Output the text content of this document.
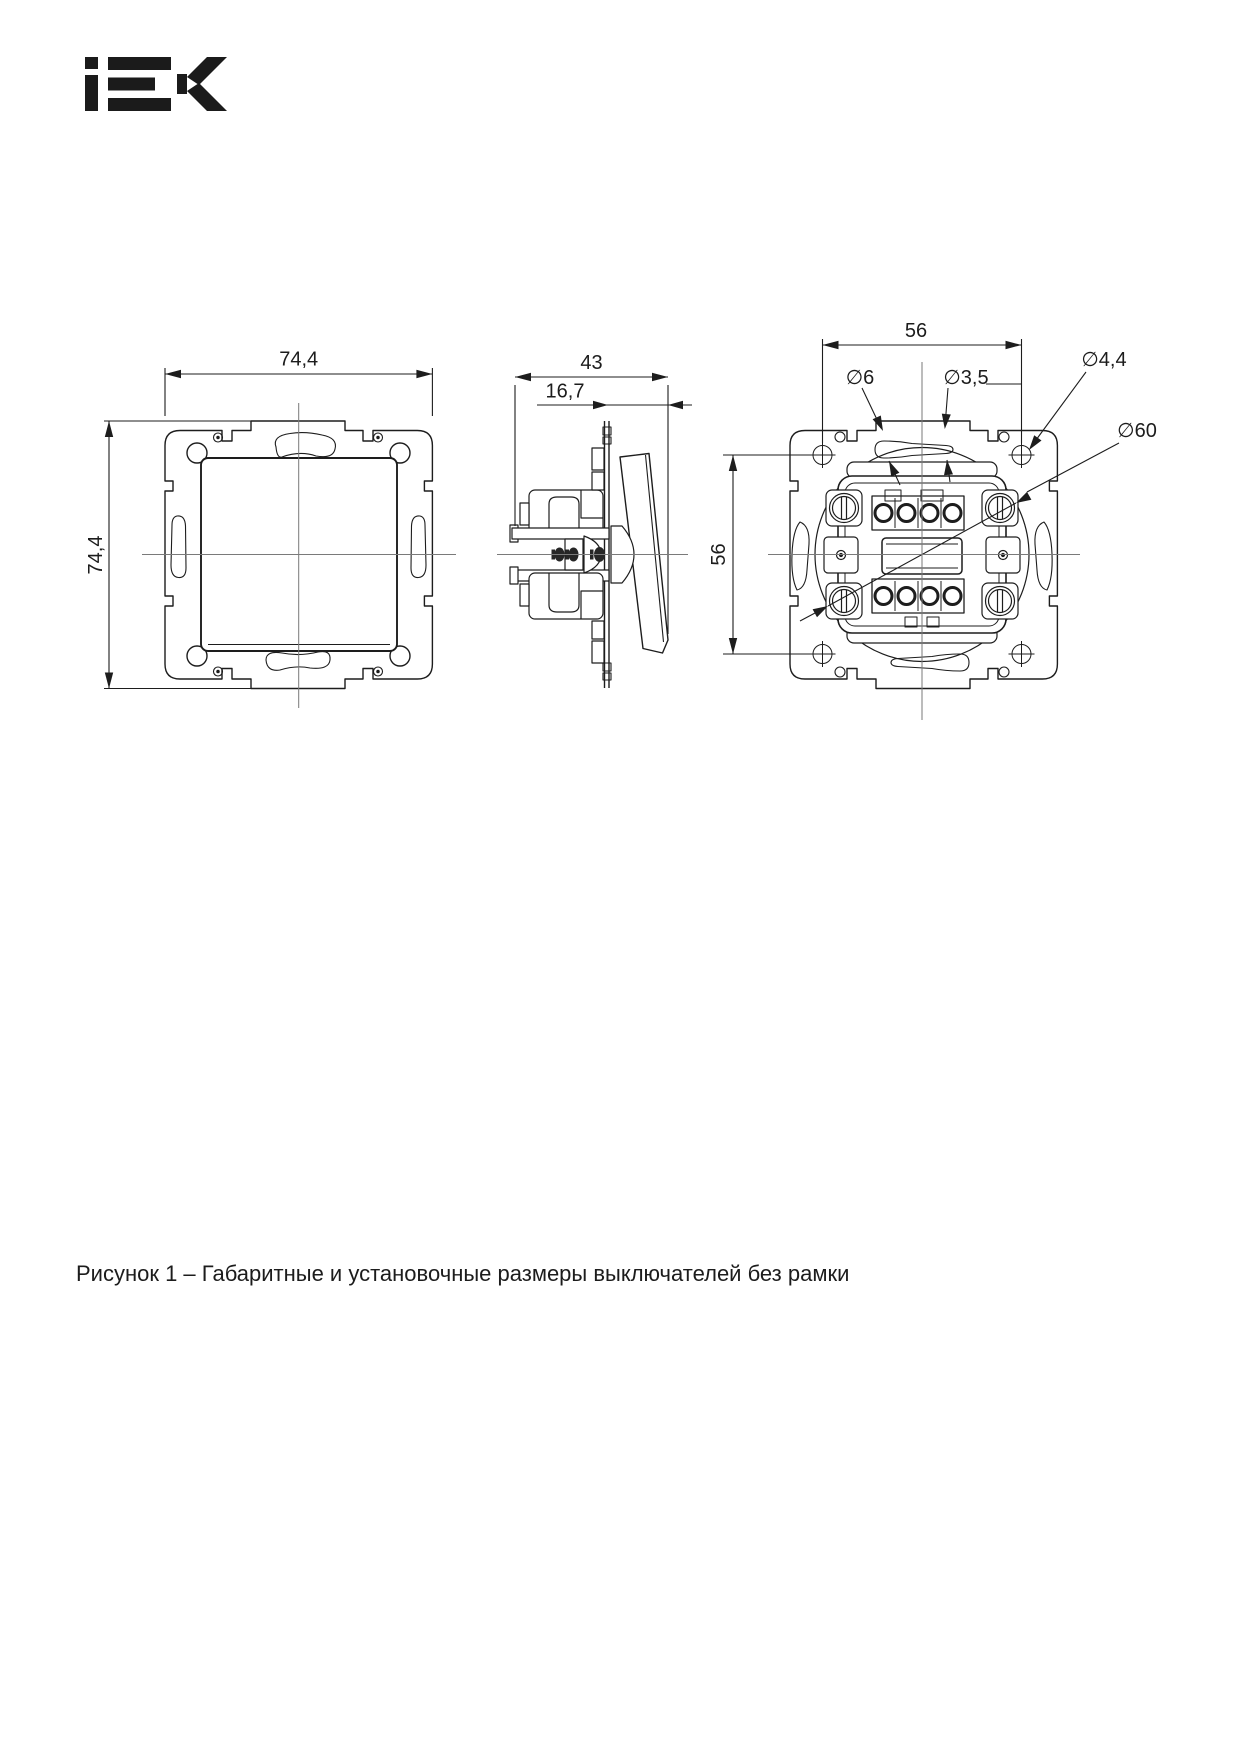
74,4
74,4
43
16,7
56
56
∅6	∅3,5
∅4,4
∅60
Рисунок 1 – Габаритные и установочные размеры выключателей без рамки
